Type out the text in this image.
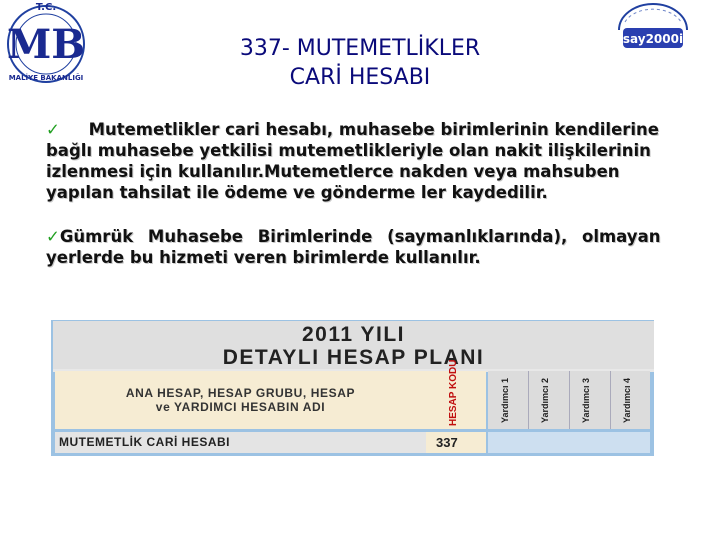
MB
T.C.
MALİYE BAKANLIĞI
say2000i
337- MUTEMETLİKLER
CARİ HESABI
✓ Mutemetlikler cari hesabı, muhasebe birimlerinin kendilerine
bağlı muhasebe yetkilisi mutemetlikleriyle olan nakit ilişkilerinin
izlenmesi için kullanılır.Mutemetlerce nakden veya mahsuben
yapılan tahsilat ile ödeme ve gönderme ler kaydedilir.
✓Gümrük Muhasebe Birimlerinde (saymanlıklarında), olmayan
yerlerde bu hizmeti veren birimlerde kullanılır.
2011 YILI
DETAYLI HESAP PLANI
ANA HESAP, HESAP GRUBU, HESAP
ve YARDIMCI HESABIN ADI	HESAP KODU	Yardımcı 1	Yardımcı 2	Yardımcı 3	Yardımcı 4
MUTEMETLİK CARİ HESABI	337
